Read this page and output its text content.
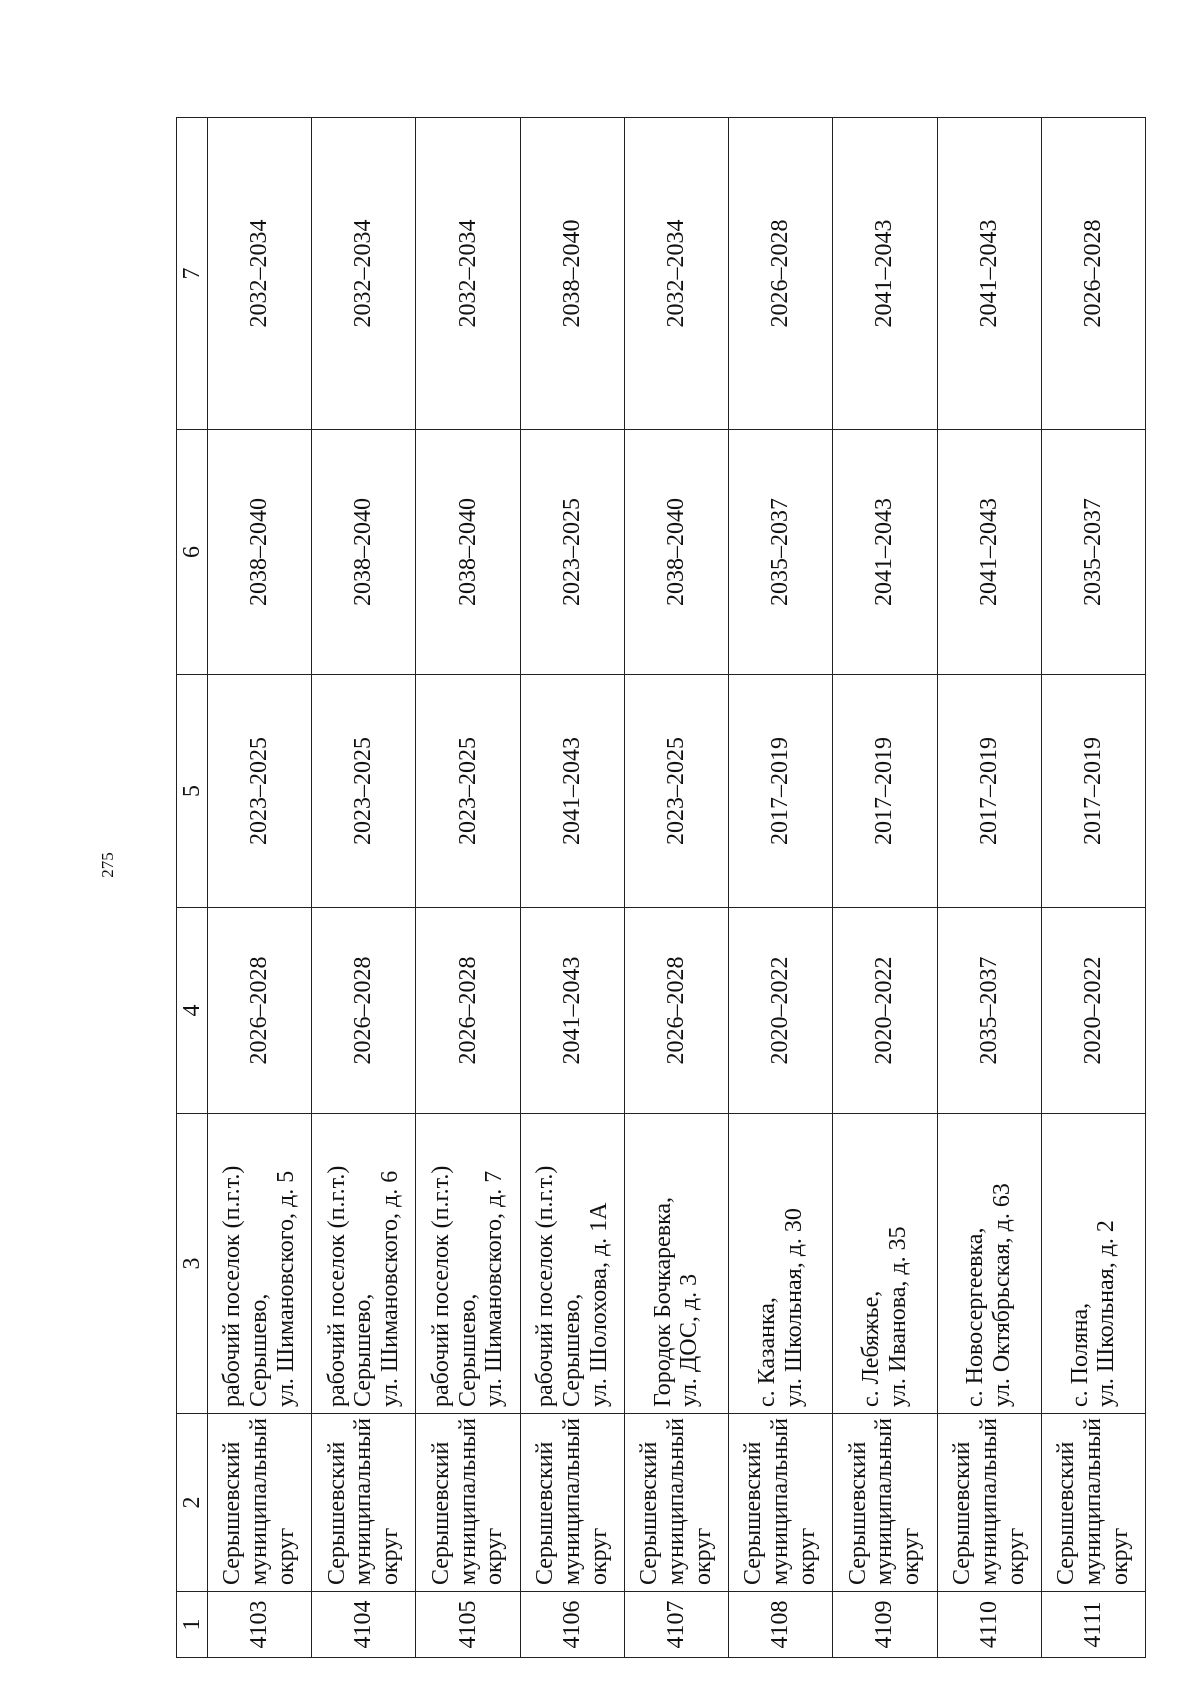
275
1	2	3	4	5	6	7
4103	Серышевский муниципальный округ	рабочий поселок (п.г.т.) Серышево, ул. Шимановского, д. 5	2026–2028	2023–2025	2038–2040	2032–2034
4104	Серышевский муниципальный округ	рабочий поселок (п.г.т.) Серышево, ул. Шимановского, д. 6	2026–2028	2023–2025	2038–2040	2032–2034
4105	Серышевский муниципальный округ	рабочий поселок (п.г.т.) Серышево, ул. Шимановского, д. 7	2026–2028	2023–2025	2038–2040	2032–2034
4106	Серышевский муниципальный округ	рабочий поселок (п.г.т.) Серышево, ул. Шолохова, д. 1А	2041–2043	2041–2043	2023–2025	2038–2040
4107	Серышевский муниципальный округ	Городок Бочкаревка, ул. ДОС, д. 3	2026–2028	2023–2025	2038–2040	2032–2034
4108	Серышевский муниципальный округ	с. Казанка, ул. Школьная, д. 30	2020–2022	2017–2019	2035–2037	2026–2028
4109	Серышевский муниципальный округ	с. Лебяжье, ул. Иванова, д. 35	2020–2022	2017–2019	2041–2043	2041–2043
4110	Серышевский муниципальный округ	с. Новосергеевка, ул. Октябрьская, д. 63	2035–2037	2017–2019	2041–2043	2041–2043
4111	Серышевский муниципальный округ	с. Поляна, ул. Школьная, д. 2	2020–2022	2017–2019	2035–2037	2026–2028
